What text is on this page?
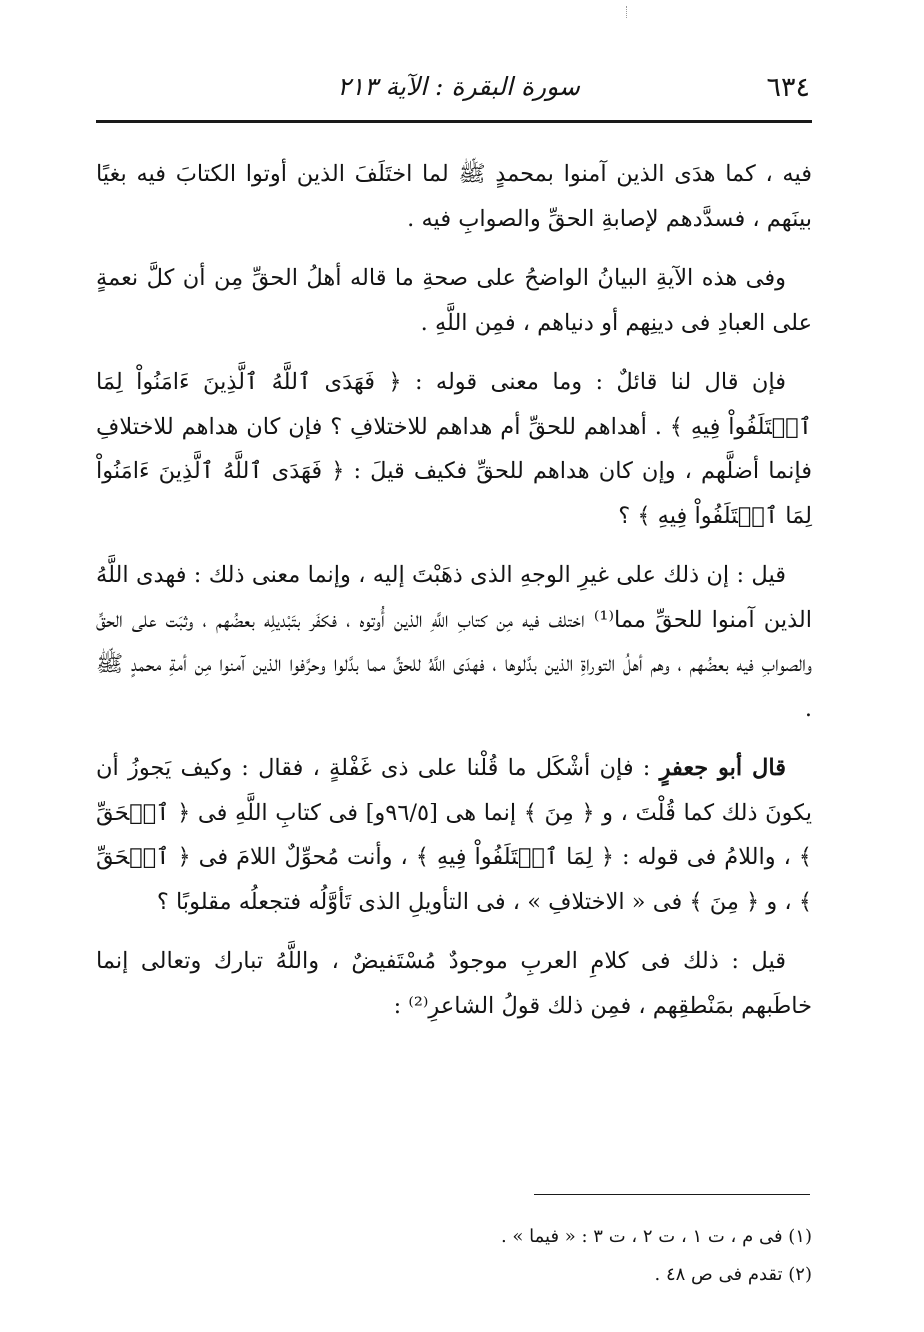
٦٣٤
سورة البقرة : الآية ٢١٣

فيه ، كما هدَى الذين آمنوا بمحمدٍ ﷺ لما اختَلَفَ الذين أوتوا الكتابَ فيه بغيًا بينَهم ، فسدَّدهم لإصابةِ الحقِّ والصوابِ فيه .

وفى هذه الآيةِ البيانُ الواضحُ على صحةِ ما قاله أهلُ الحقِّ مِن أن كلَّ نعمةٍ على العبادِ فى دينِهم أو دنياهم ، فمِن اللَّهِ .

فإن قال لنا قائلٌ : وما معنى قوله : ﴿ فَهَدَى ٱللَّهُ ٱلَّذِينَ ءَامَنُواْ لِمَا ٱخۡتَلَفُواْ فِيهِ ﴾ . أهداهم للحقِّ أم هداهم للاختلافِ ؟ فإن كان هداهم للاختلافِ فإنما أضلَّهم ، وإن كان هداهم للحقِّ فكيف قيلَ : ﴿ فَهَدَى ٱللَّهُ ٱلَّذِينَ ءَامَنُواْ لِمَا ٱخۡتَلَفُواْ فِيهِ ﴾ ؟

قيل : إن ذلك على غيرِ الوجهِ الذى ذهَبْتَ إليه ، وإنما معنى ذلك : فهدى اللَّهُ الذين آمنوا للحقِّ مما⁽¹⁾ اختلف فيه مِن كتابِ اللَّهِ الذين أُوتوه ، فكفَر بتَبْديلِه بعضُهم ، وثبَت على الحقِّ والصوابِ فيه بعضُهم ، وهم أهلُ التوراةِ الذين بدَّلوها ، فهدَى اللَّهُ للحقِّ مما بدَّلوا وحرَّفوا الذين آمنوا مِن أمةِ محمدٍ ﷺ .

قال أبو جعفرٍ : فإن أشْكَل ما قُلْنا على ذى غَفْلةٍ ، فقال : وكيف يَجوزُ أن يكونَ ذلك كما قُلْتَ ، و ﴿ مِنَ ﴾ إنما هى [٩٦/٥و] فى كتابِ اللَّهِ فى ﴿ ٱلۡحَقِّ ﴾ ، واللامُ فى قوله : ﴿ لِمَا ٱخۡتَلَفُواْ فِيهِ ﴾ ، وأنت مُحوِّلٌ اللامَ فى ﴿ ٱلۡحَقِّ ﴾ ، و ﴿ مِنَ ﴾ فى « الاختلافِ » ، فى التأويلِ الذى تَأوَّلُه فتجعلُه مقلوبًا ؟

قيل : ذلك فى كلامِ العربِ موجودٌ مُسْتَفيضٌ ، واللَّهُ تبارك وتعالى إنما خاطَبهم بمَنْطقِهم ، فمِن ذلك قولُ الشاعرِ⁽²⁾ :

(١) فى م ، ت ١ ، ت ٢ ، ت ٣ : « فيما » .

(٢) تقدم فى ص ٤٨ .
